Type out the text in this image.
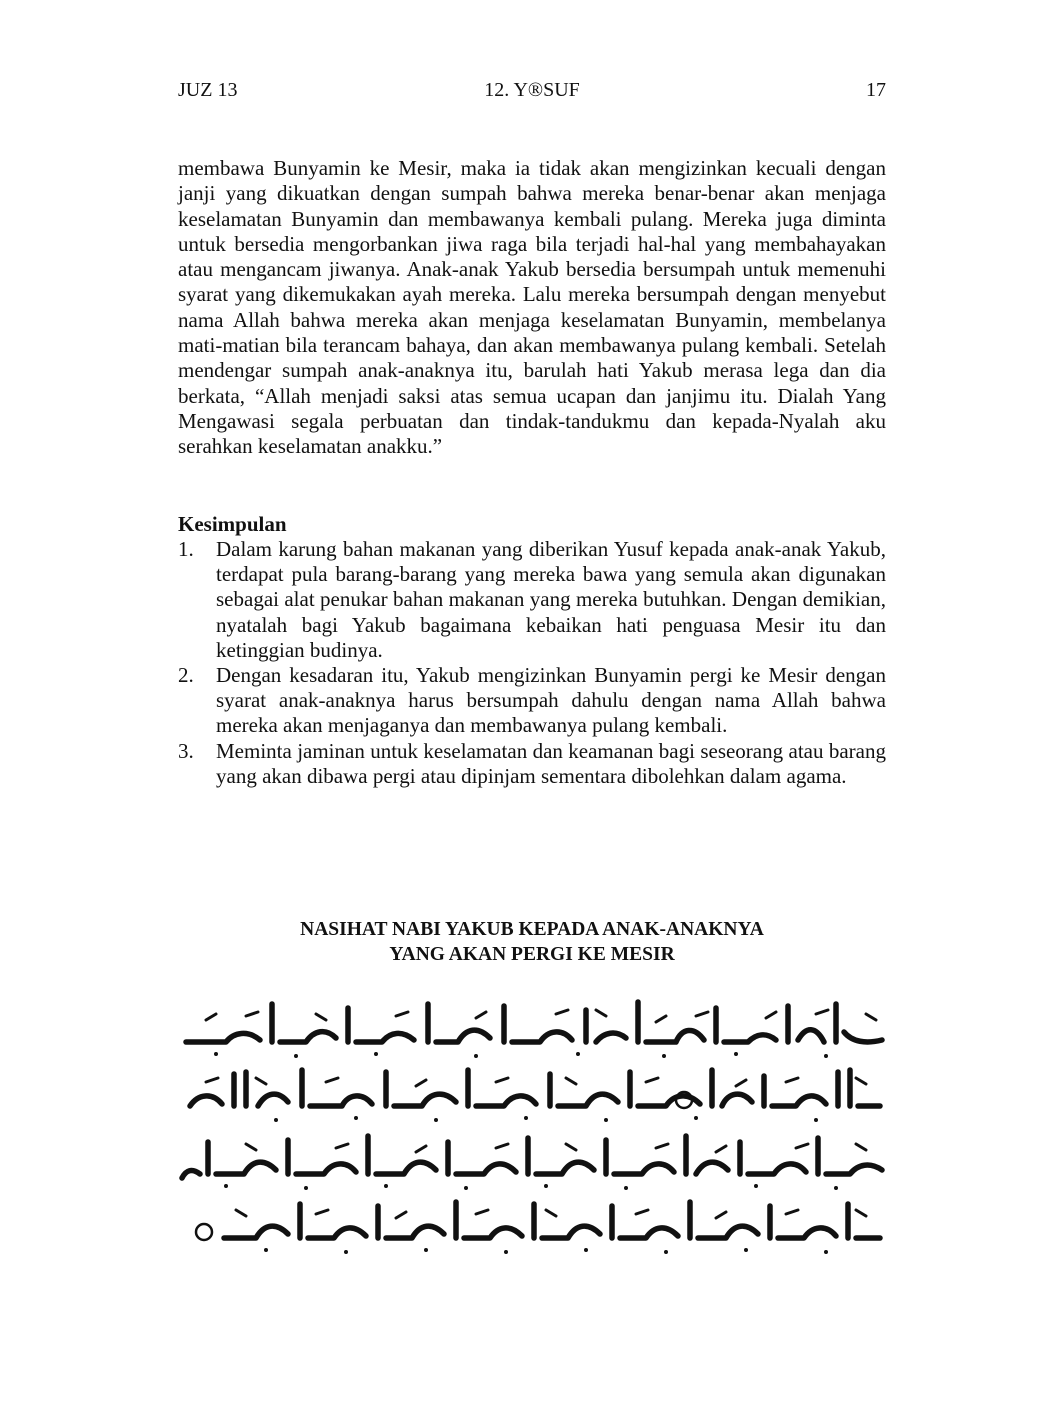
JUZ 13	12. Y®SUF	17

membawa Bunyamin ke Mesir, maka ia tidak akan mengizinkan kecuali dengan janji yang dikuatkan dengan sumpah bahwa mereka benar-benar akan menjaga keselamatan Bunyamin dan membawanya kembali pulang. Mereka juga diminta untuk bersedia mengorbankan jiwa raga bila terjadi hal-hal yang membahayakan atau mengancam jiwanya. Anak-anak Yakub bersedia bersumpah untuk memenuhi syarat yang dikemukakan ayah mereka. Lalu mereka bersumpah dengan menyebut nama Allah bahwa mereka akan menjaga keselamatan Bunyamin, membelanya mati-matian bila terancam bahaya, dan akan membawanya pulang kembali. Setelah mendengar sumpah anak-anaknya itu, barulah hati Yakub merasa lega dan dia berkata, “Allah menjadi saksi atas semua ucapan dan janjimu itu. Dialah Yang Mengawasi segala perbuatan dan tindak-tandukmu dan kepada-Nyalah aku serahkan keselamatan anakku.”

Kesimpulan
1. Dalam karung bahan makanan yang diberikan Yusuf kepada anak-anak Yakub, terdapat pula barang-barang yang mereka bawa yang semula akan digunakan sebagai alat penukar bahan makanan yang mereka butuhkan. Dengan demikian, nyatalah bagi Yakub bagaimana kebaikan hati penguasa Mesir itu dan ketinggian budinya.
2. Dengan kesadaran itu, Yakub mengizinkan Bunyamin pergi ke Mesir dengan syarat anak-anaknya harus bersumpah dahulu dengan nama Allah bahwa mereka akan menjaganya dan membawanya pulang kembali.
3. Meminta jaminan untuk keselamatan dan keamanan bagi seseorang atau barang yang akan dibawa pergi atau dipinjam sementara dibolehkan dalam agama.
NASIHAT NABI YAKUB KEPADA ANAK-ANAKNYA
YANG AKAN PERGI KE MESIR
